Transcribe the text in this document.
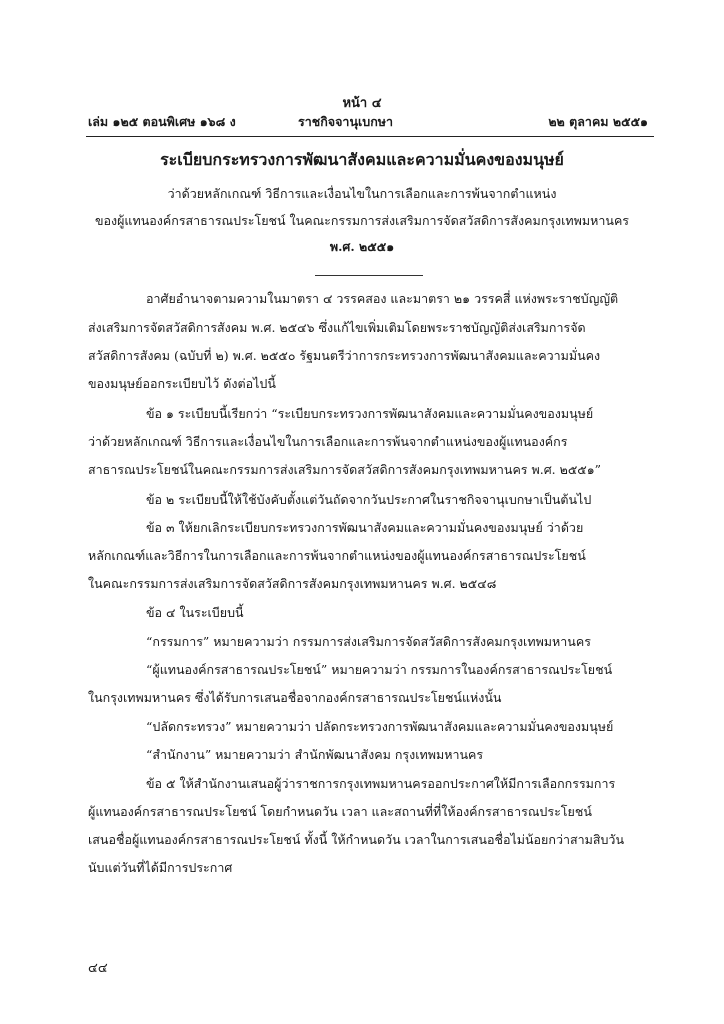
หน้า ๔
เล่ม ๑๒๕ ตอนพิเศษ ๑๖๘ ง	ราชกิจจานุเบกษา	๒๒ ตุลาคม ๒๕๕๑
ระเบียบกระทรวงการพัฒนาสังคมและความมั่นคงของมนุษย์
ว่าด้วยหลักเกณฑ์ วิธีการและเงื่อนไขในการเลือกและการพ้นจากตำแหน่ง
ของผู้แทนองค์กรสาธารณประโยชน์ ในคณะกรรมการส่งเสริมการจัดสวัสดิการสังคมกรุงเทพมหานคร
พ.ศ. ๒๕๕๑
อาศัยอำนาจตามความในมาตรา ๔ วรรคสอง และมาตรา ๒๑ วรรคสี่ แห่งพระราชบัญญัติ
ส่งเสริมการจัดสวัสดิการสังคม พ.ศ. ๒๕๔๖ ซึ่งแก้ไขเพิ่มเติมโดยพระราชบัญญัติส่งเสริมการจัด
สวัสดิการสังคม (ฉบับที่ ๒) พ.ศ. ๒๕๕๐ รัฐมนตรีว่าการกระทรวงการพัฒนาสังคมและความมั่นคง
ของมนุษย์ออกระเบียบไว้ ดังต่อไปนี้
ข้อ ๑ ระเบียบนี้เรียกว่า “ระเบียบกระทรวงการพัฒนาสังคมและความมั่นคงของมนุษย์
ว่าด้วยหลักเกณฑ์ วิธีการและเงื่อนไขในการเลือกและการพ้นจากตำแหน่งของผู้แทนองค์กร
สาธารณประโยชน์ในคณะกรรมการส่งเสริมการจัดสวัสดิการสังคมกรุงเทพมหานคร พ.ศ. ๒๕๕๑”
ข้อ ๒ ระเบียบนี้ให้ใช้บังคับตั้งแต่วันถัดจากวันประกาศในราชกิจจานุเบกษาเป็นต้นไป
ข้อ ๓ ให้ยกเลิกระเบียบกระทรวงการพัฒนาสังคมและความมั่นคงของมนุษย์ ว่าด้วย
หลักเกณฑ์และวิธีการในการเลือกและการพ้นจากตำแหน่งของผู้แทนองค์กรสาธารณประโยชน์
ในคณะกรรมการส่งเสริมการจัดสวัสดิการสังคมกรุงเทพมหานคร พ.ศ. ๒๕๔๘
ข้อ ๔ ในระเบียบนี้
“กรรมการ” หมายความว่า กรรมการส่งเสริมการจัดสวัสดิการสังคมกรุงเทพมหานคร
“ผู้แทนองค์กรสาธารณประโยชน์” หมายความว่า กรรมการในองค์กรสาธารณประโยชน์
ในกรุงเทพมหานคร ซึ่งได้รับการเสนอชื่อจากองค์กรสาธารณประโยชน์แห่งนั้น
“ปลัดกระทรวง” หมายความว่า ปลัดกระทรวงการพัฒนาสังคมและความมั่นคงของมนุษย์
“สำนักงาน” หมายความว่า สำนักพัฒนาสังคม กรุงเทพมหานคร
ข้อ ๕ ให้สำนักงานเสนอผู้ว่าราชการกรุงเทพมหานครออกประกาศให้มีการเลือกกรรมการ
ผู้แทนองค์กรสาธารณประโยชน์ โดยกำหนดวัน เวลา และสถานที่ที่ให้องค์กรสาธารณประโยชน์
เสนอชื่อผู้แทนองค์กรสาธารณประโยชน์ ทั้งนี้ ให้กำหนดวัน เวลาในการเสนอชื่อไม่น้อยกว่าสามสิบวัน
นับแต่วันที่ได้มีการประกาศ
๔๔
